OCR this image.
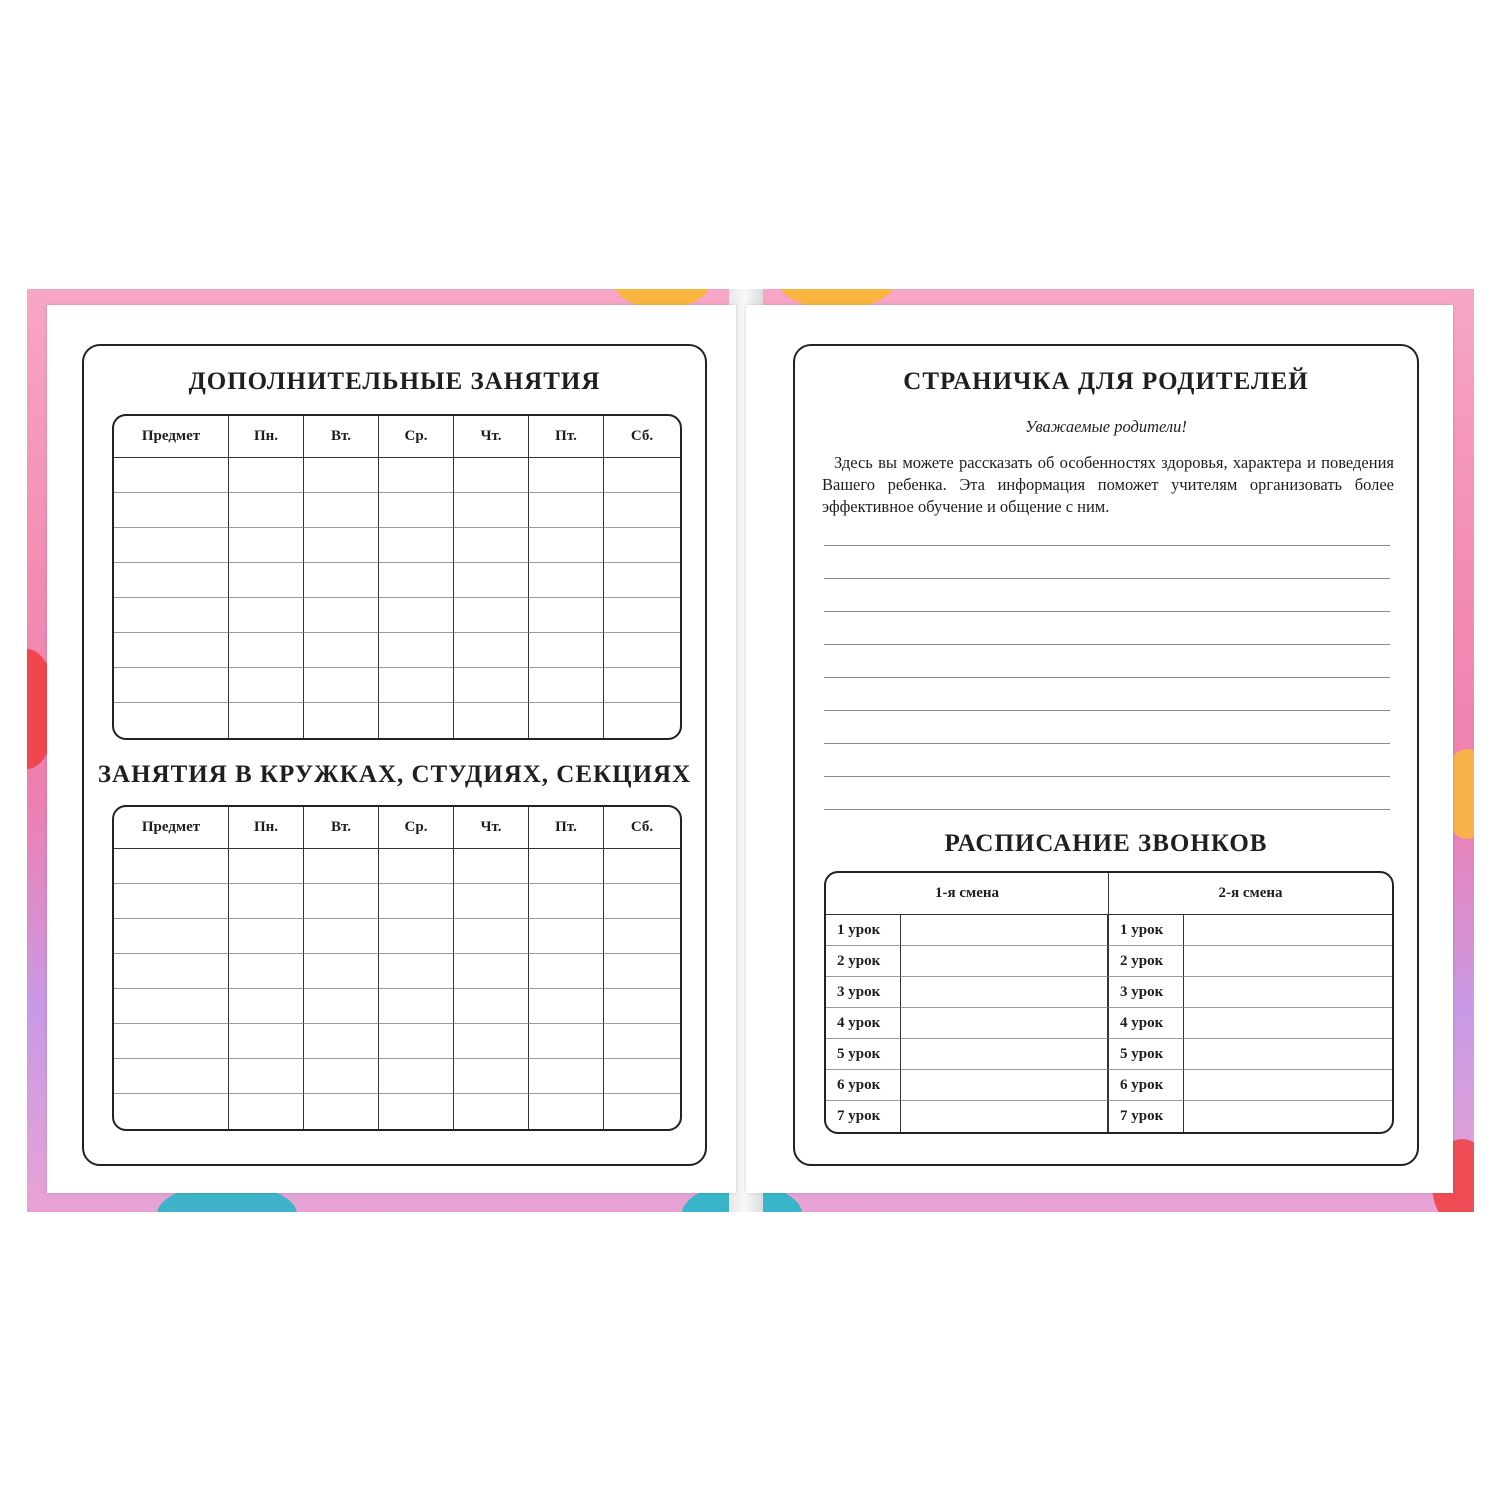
ДОПОЛНИТЕЛЬНЫЕ ЗАНЯТИЯ
Предмет	Пн.	Вт.	Ср.	Чт.	Пт.	Сб.

ЗАНЯТИЯ В КРУЖКАХ, СТУДИЯХ, СЕКЦИЯХ
Предмет	Пн.	Вт.	Ср.	Чт.	Пт.	Сб.

СТРАНИЧКА ДЛЯ РОДИТЕЛЕЙ
Уважаемые родители!
Здесь вы можете рассказать об особенностях здоровья, характера и поведения Вашего ребенка. Эта информация поможет учителям организовать более эффективное обучение и общение с ним.
РАСПИСАНИЕ ЗВОНКОВ
1-я смена		2-я смена	
1 урок		1 урок	
2 урок		2 урок	
3 урок		3 урок	
4 урок		4 урок	
5 урок		5 урок	
6 урок		6 урок	
7 урок		7 урок	
